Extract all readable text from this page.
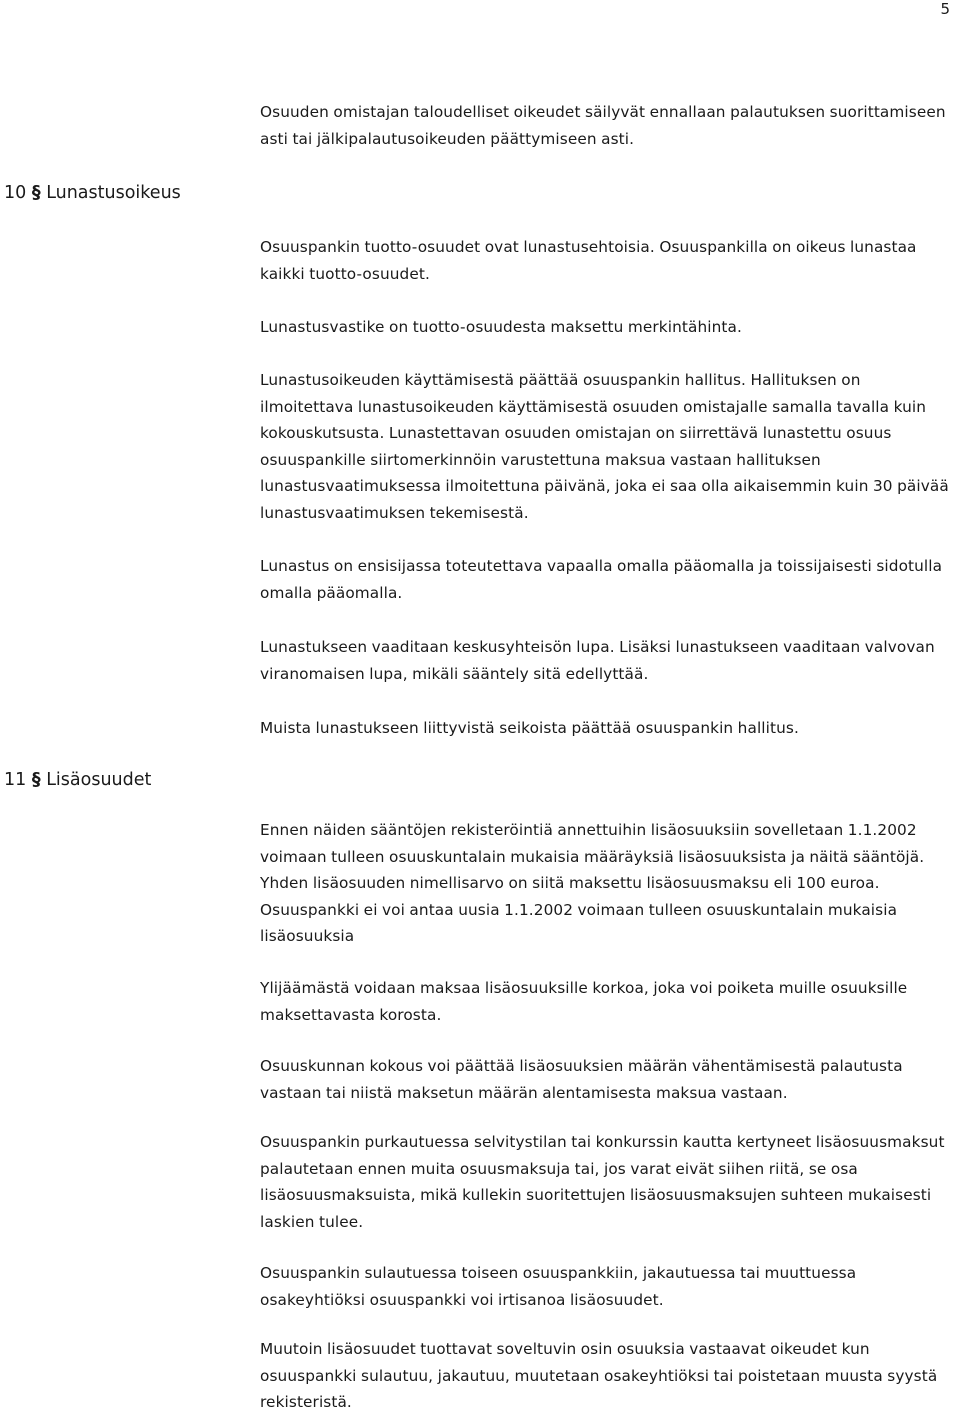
5

Osuuden omistajan taloudelliset oikeudet säilyvät ennallaan palautuksen suorittamiseen asti tai jälkipalautusoikeuden päättymiseen asti.

10 § Lunastusoikeus

Osuuspankin tuotto-osuudet ovat lunastusehtoisia. Osuuspankilla on oikeus lunastaa kaikki tuotto-osuudet.

Lunastusvastike on tuotto-osuudesta maksettu merkintähinta.

Lunastusoikeuden käyttämisestä päättää osuuspankin hallitus. Hallituksen on ilmoitettava lunastusoikeuden käyttämisestä osuuden omistajalle samalla tavalla kuin kokouskutsusta. Lunastettavan osuuden omistajan on siirrettävä lunastettu osuus osuuspankille siirtomerkinnöin varustettuna maksua vastaan hallituksen lunastusvaatimuksessa ilmoitettuna päivänä, joka ei saa olla aikaisemmin kuin 30 päivää lunastusvaatimuksen tekemisestä.

Lunastus on ensisijassa toteutettava vapaalla omalla pääomalla ja toissijaisesti sidotulla omalla pääomalla.

Lunastukseen vaaditaan keskusyhteisön lupa. Lisäksi lunastukseen vaaditaan valvovan viranomaisen lupa, mikäli sääntely sitä edellyttää.

Muista lunastukseen liittyvistä seikoista päättää osuuspankin hallitus.

11 § Lisäosuudet

Ennen näiden sääntöjen rekisteröintiä annettuihin lisäosuuksiin sovelletaan 1.1.2002 voimaan tulleen osuuskuntalain mukaisia määräyksiä lisäosuuksista ja näitä sääntöjä. Yhden lisäosuuden nimellisarvo on siitä maksettu lisäosuusmaksu eli 100 euroa. Osuuspankki ei voi antaa uusia 1.1.2002 voimaan tulleen osuuskuntalain mukaisia lisäosuuksia

Ylijäämästä voidaan maksaa lisäosuuksille korkoa, joka voi poiketa muille osuuksille maksettavasta korosta.

Osuuskunnan kokous voi päättää lisäosuuksien määrän vähentämisestä palautusta vastaan tai niistä maksetun määrän alentamisesta maksua vastaan.

Osuuspankin purkautuessa selvitystilan tai konkurssin kautta kertyneet lisäosuusmaksut palautetaan ennen muita osuusmaksuja tai, jos varat eivät siihen riitä, se osa lisäosuusmaksuista, mikä kullekin suoritettujen lisäosuusmaksujen suhteen mukaisesti laskien tulee.

Osuuspankin sulautuessa toiseen osuuspankkiin, jakautuessa tai muuttuessa osakeyhtiöksi osuuspankki voi irtisanoa lisäosuudet.

Muutoin lisäosuudet tuottavat soveltuvin osin osuuksia vastaavat oikeudet kun osuuspankki sulautuu, jakautuu, muutetaan osakeyhtiöksi tai poistetaan muusta syystä rekisteristä.
